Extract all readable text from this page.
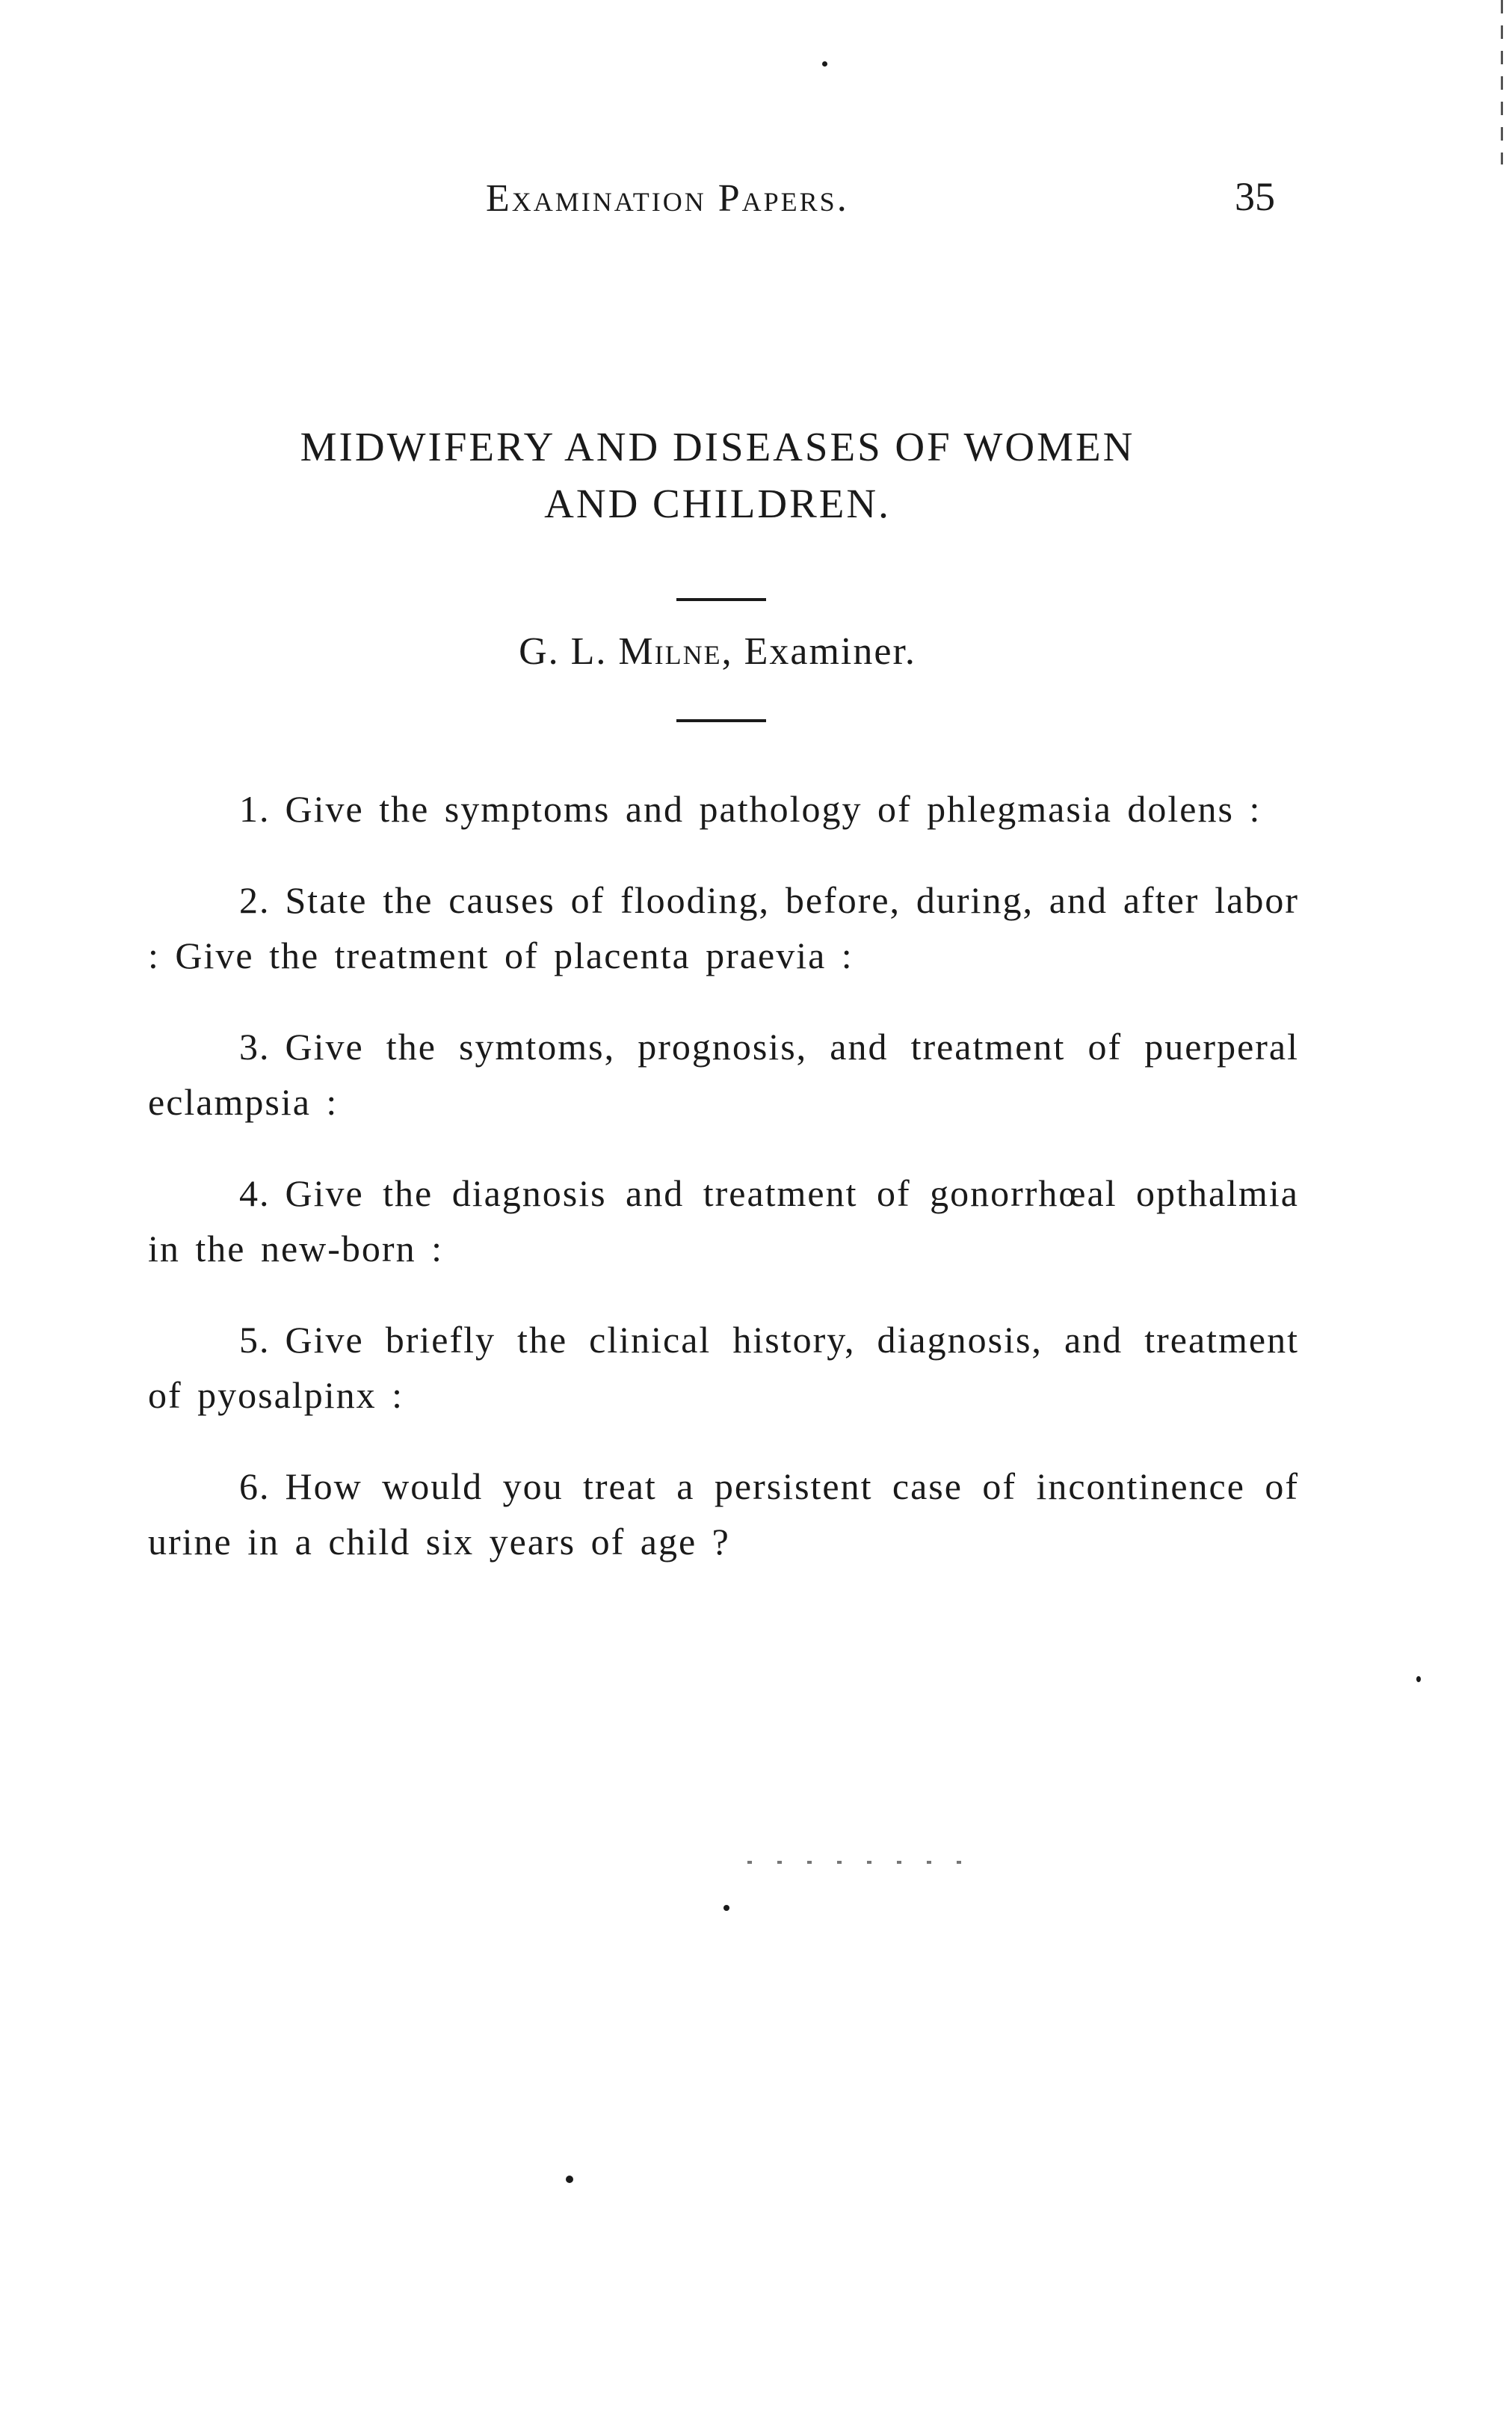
Examination Papers.	35
MIDWIFERY AND DISEASES OF WOMEN
AND CHILDREN.
G. L. Milne, Examiner.
1. Give the symptoms and pathology of phlegmasia dolens :
2. State the causes of flooding, before, during, and after labor : Give the treatment of placenta praevia :
3. Give the symtoms, prognosis, and treatment of puerperal eclampsia :
4. Give the diagnosis and treatment of gonorrhœal opthalmia in the new-born :
5. Give briefly the clinical history, diagnosis, and treatment of pyosalpinx :
6. How would you treat a persistent case of incontinence of urine in a child six years of age ?
